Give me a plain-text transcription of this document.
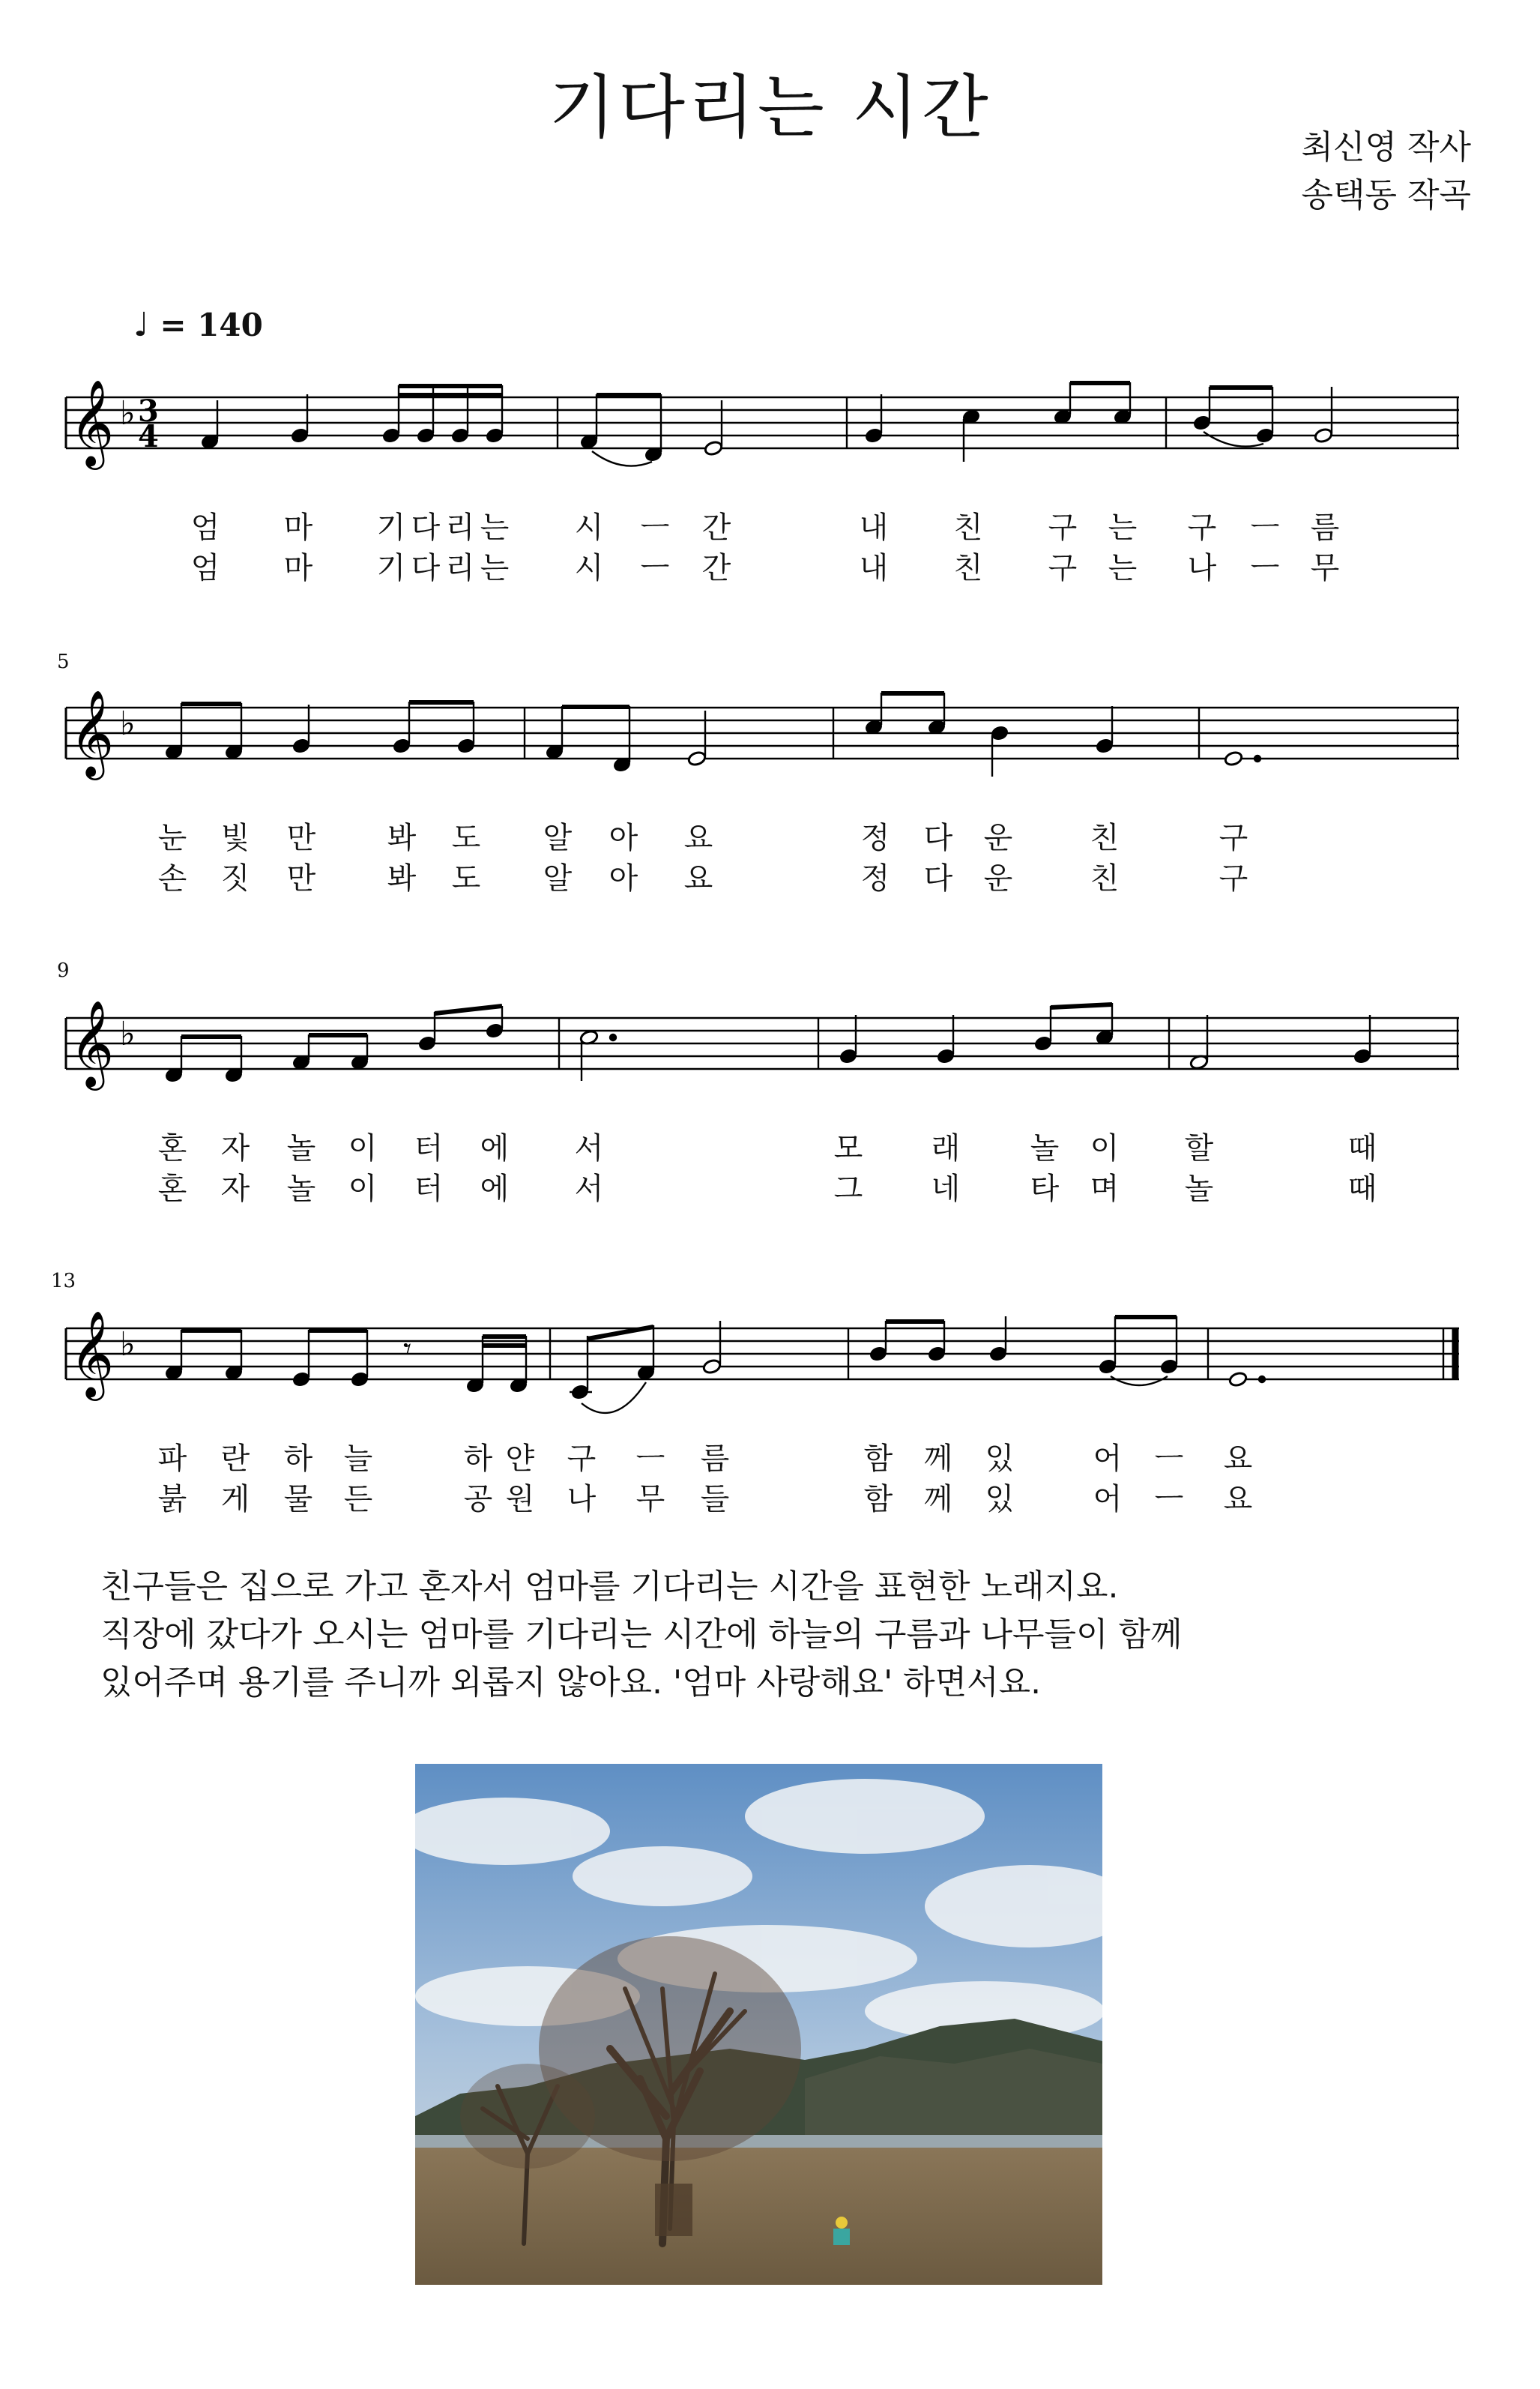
기다리는 시간	최신영 작사
송택동 작곡
♩ = 140
5
9
13
𝄞 ♭ 3
4
엄 마 기 다 리 는 시 ㅡ 간	내 친 구 는 구 ㅡ 름
엄 마 기 다 리 는 시 ㅡ 간	내 친 구 는 나 ㅡ 무
𝄞 ♭
눈 빛 만 봐 도 알 아 요	정 다 운	친	구
손 짓 만 봐 도 알 아 요	정 다 운	친	구
𝄞 ♭
혼 자 놀 이 터 에 서	모 래 놀 이 할	때
혼 자 놀 이 터 에 서	그 네 타 며 놀	때
𝄞 ♭	𝄾
파 란 하 늘	하 얀 구 ㅡ 름	함 께 있	어 ㅡ 요
붉 게 물 든	공 원 나 무 들	함 께 있	어 ㅡ 요

친구들은 집으로 가고 혼자서 엄마를 기다리는 시간을 표현한 노래지요.

직장에 갔다가 오시는 엄마를 기다리는 시간에 하늘의 구름과 나무들이 함께

있어주며 용기를 주니까 외롭지 않아요. '엄마 사랑해요' 하면서요.
